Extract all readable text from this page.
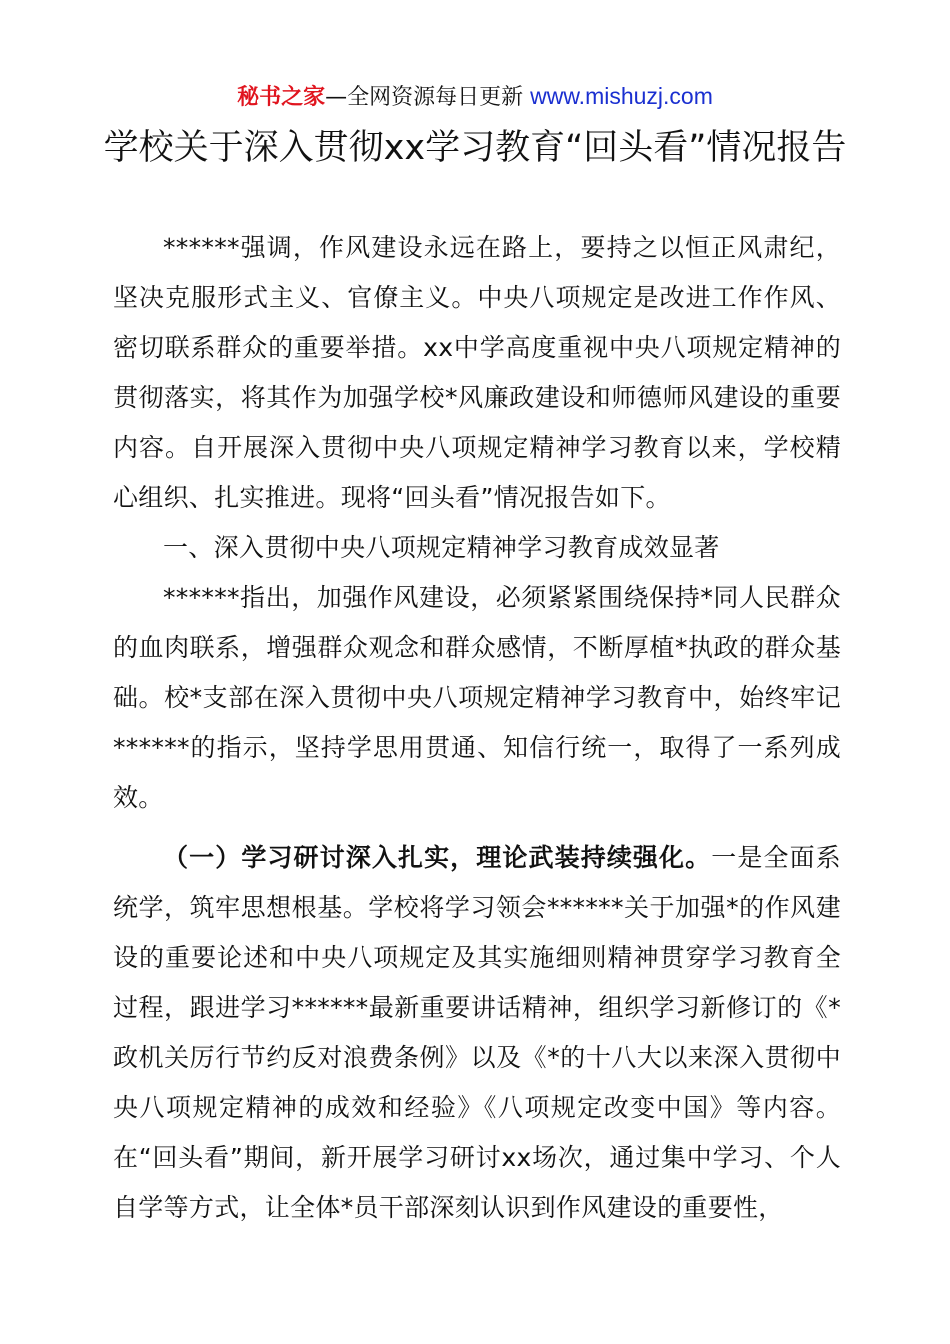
秘书之家—全网资源每日更新 www.mishuzj.com
学校关于深入贯彻xx学习教育“回头看”情况报告

******强调，作风建设永远在路上，要持之以恒正风肃纪，坚决克服形式主义、官僚主义。中央八项规定是改进工作作风、密切联系群众的重要举措。xx中学高度重视中央八项规定精神的贯彻落实，将其作为加强学校*风廉政建设和师德师风建设的重要内容。自开展深入贯彻中央八项规定精神学习教育以来，学校精心组织、扎实推进。现将“回头看”情况报告如下。

一、深入贯彻中央八项规定精神学习教育成效显著

******指出，加强作风建设，必须紧紧围绕保持*同人民群众的血肉联系，增强群众观念和群众感情，不断厚植*执政的群众基础。校*支部在深入贯彻中央八项规定精神学习教育中，始终牢记******的指示，坚持学思用贯通、知信行统一，取得了一系列成效。

（一）学习研讨深入扎实，理论武装持续强化。一是全面系统学，筑牢思想根基。学校将学习领会******关于加强*的作风建设的重要论述和中央八项规定及其实施细则精神贯穿学习教育全过程，跟进学习******最新重要讲话精神，组织学习新修订的《*政机关厉行节约反对浪费条例》以及《*的十八大以来深入贯彻中央八项规定精神的成效和经验》《八项规定改变中国》等内容。在“回头看”期间，新开展学习研讨xx场次，通过集中学习、个人自学等方式，让全体*员干部深刻认识到作风建设的重要性，
